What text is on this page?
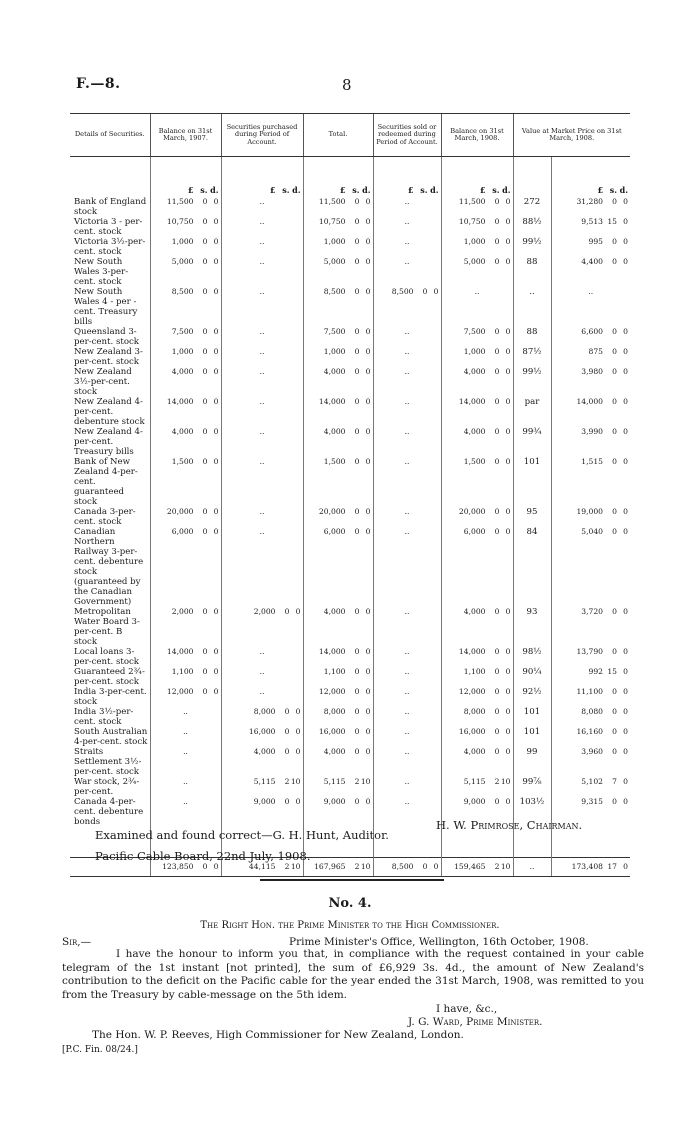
F.—8.	8
Details of Securities.	Balance on 31st March, 1907.	Securities purchased during Period of Account.	Total.	Securities sold or redeemed during Period of Account.	Balance on 31st March, 1908.	Value at Market Price on 31st March, 1908.	

	£ s. d.	£ s. d.	£ s. d.	£ s. d.	£ s. d.		£ s. d.

Bank of England stock	11,500 0 0	..	11,500 0 0	..	11,500 0 0	272	31,280 0 0

Victoria 3 - per-cent. stock	10,750 0 0	..	10,750 0 0	..	10,750 0 0	88½	9,513 15 0

Victoria 3½-per-cent. stock	1,000 0 0	..	1,000 0 0	..	1,000 0 0	99½	995 0 0

New South Wales 3-per-cent. stock	5,000 0 0	..	5,000 0 0	..	5,000 0 0	88	4,400 0 0

New South Wales 4 - per - cent. Treasury bills	8,500 0 0	..	8,500 0 0	8,500 0 0	..	..	..

Queensland 3-per-cent. stock	7,500 0 0	..	7,500 0 0	..	7,500 0 0	88	6,600 0 0

New Zealand 3-per-cent. stock	1,000 0 0	..	1,000 0 0	..	1,000 0 0	87½	875 0 0

New Zealand 3½-per-cent. stock	4,000 0 0	..	4,000 0 0	..	4,000 0 0	99½	3,980 0 0

New Zealand 4-per-cent. debenture stock	14,000 0 0	..	14,000 0 0	..	14,000 0 0	par	14,000 0 0

New Zealand 4-per-cent. Treasury bills	4,000 0 0	..	4,000 0 0	..	4,000 0 0	99¾	3,990 0 0

Bank of New Zealand 4-per-cent. guaranteed stock	1,500 0 0	..	1,500 0 0	..	1,500 0 0	101	1,515 0 0

Canada 3-per-cent. stock	20,000 0 0	..	20,000 0 0	..	20,000 0 0	95	19,000 0 0

Canadian Northern Railway 3-per-cent. debenture stock (guaranteed by the Canadian Government)	6,000 0 0	..	6,000 0 0	..	6,000 0 0	84	5,040 0 0

Metropolitan Water Board 3-per-cent. B stock	2,000 0 0	2,000 0 0	4,000 0 0	..	4,000 0 0	93	3,720 0 0

Local loans 3-per-cent. stock	14,000 0 0	..	14,000 0 0	..	14,000 0 0	98½	13,790 0 0

Guaranteed 2¾-per-cent. stock	1,100 0 0	..	1,100 0 0	..	1,100 0 0	90¼	992 15 0

India 3-per-cent. stock	12,000 0 0	..	12,000 0 0	..	12,000 0 0	92½	11,100 0 0

India 3½-per-cent. stock	..	8,000 0 0	8,000 0 0	..	8,000 0 0	101	8,080 0 0

South Australian 4-per-cent. stock	..	16,000 0 0	16,000 0 0	..	16,000 0 0	101	16,160 0 0

Straits Settlement 3½-per-cent. stock	..	4,000 0 0	4,000 0 0	..	4,000 0 0	99	3,960 0 0

War stock, 2¾-per-cent.	..	5,115 2 10	5,115 2 10	..	5,115 2 10	99⅞	5,102 7 0

Canada 4-per-cent. debenture bonds	..	9,000 0 0	9,000 0 0	..	9,000 0 0	103½	9,315 0 0

	123,850 0 0	44,115 2 10	167,965 2 10	8,500 0 0	159,465 2 10	..	173,408 17 0
H. W. Primrose, Chairman.
Examined and found correct—G. H. Hunt, Auditor.
Pacific Cable Board, 22nd July, 1908.
No. 4.
The Right Hon. the Prime Minister to the High Commissioner.
Sir,—	Prime Minister's Office, Wellington, 16th October, 1908.

I have the honour to inform you that, in compliance with the request contained in your cable telegram of the 1st instant [not printed], the sum of £6,929 3s. 4d., the amount of New Zealand's contribution to the deficit on the Pacific cable for the year ended the 31st March, 1908, was remitted to you from the Treasury by cable-message on the 5th idem.

I have, &c.,
J. G. Ward, Prime Minister.
The Hon. W. P. Reeves, High Commissioner for New Zealand, London.
[P.C. Fin. 08/24.]
